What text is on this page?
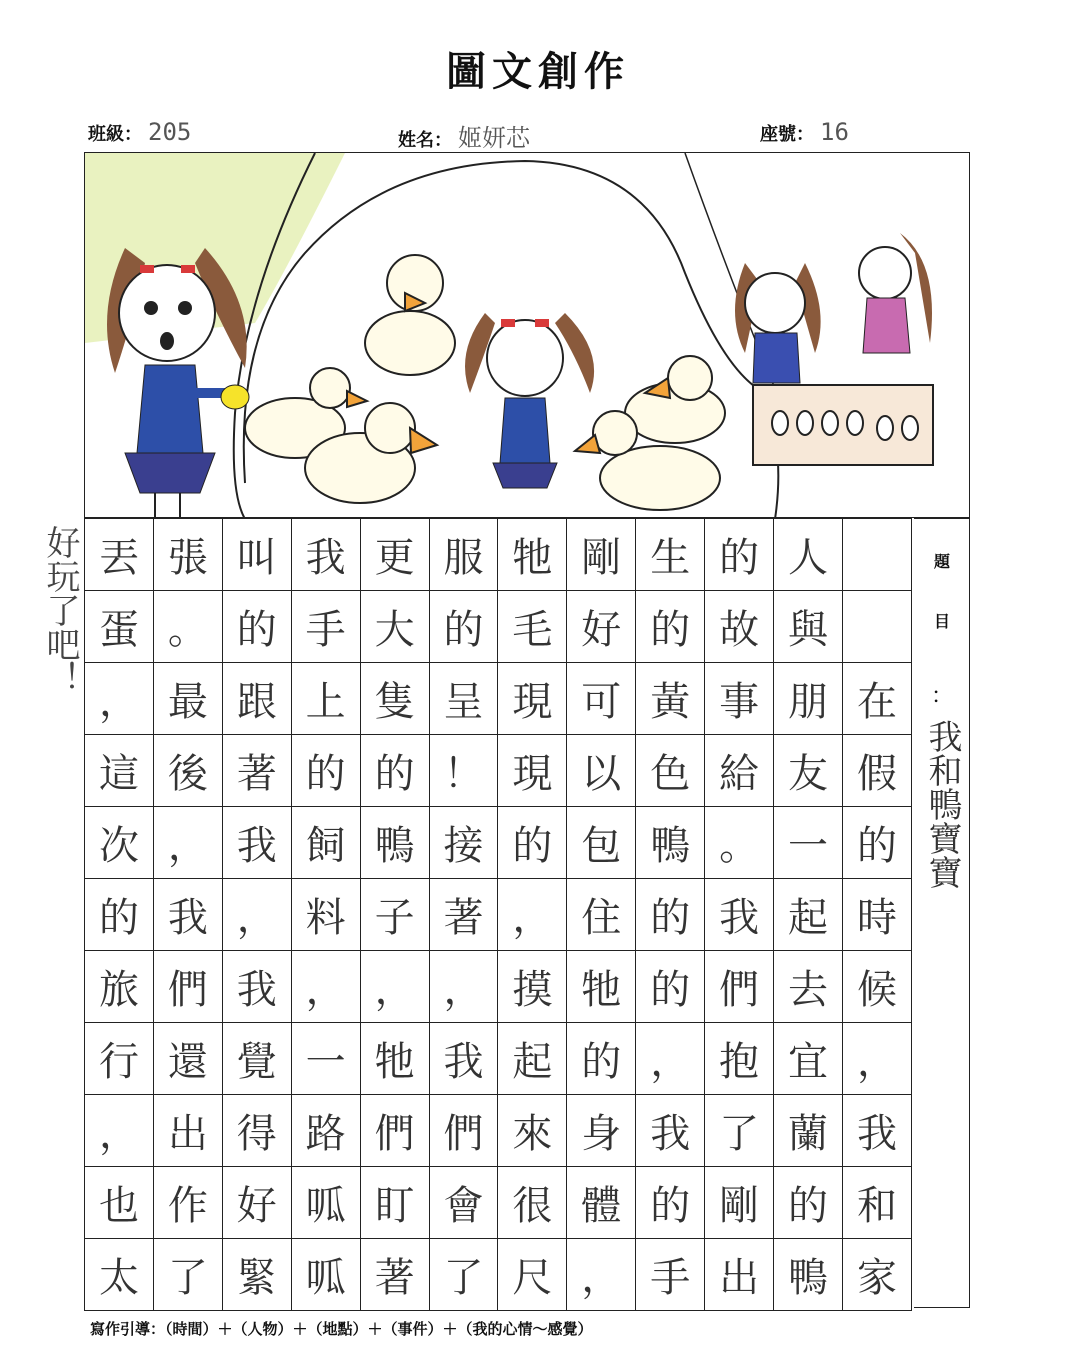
圖文創作
班級： 205	姓名： 姬妍芯	座號： 16
好玩了吧！ 丟	張	叫	我	更	服	牠	剛	生	的	人	
蛋	。	的	手	大	的	毛	好	的	故	與	
，	最	跟	上	隻	呈	現	可	黃	事	朋	在
這	後	著	的	的	！	現	以	色	給	友	假
次	，	我	飼	鴨	接	的	包	鴨	。	一	的
的	我	，	料	子	著	，	住	的	我	起	時
旅	們	我	，	，	，	摸	牠	的	們	去	候
行	還	覺	一	牠	我	起	的	，	抱	宜	，
，	出	得	路	們	們	來	身	我	了	蘭	我
也	作	好	呱	盯	會	很	體	的	剛	的	和
太	了	緊	呱	著	了	尺	，	手	出	鴨	家
題
目
：
我和鴨寶寶
寫作引導：（時間）＋（人物）＋（地點）＋（事件）＋（我的心情～感覺）
